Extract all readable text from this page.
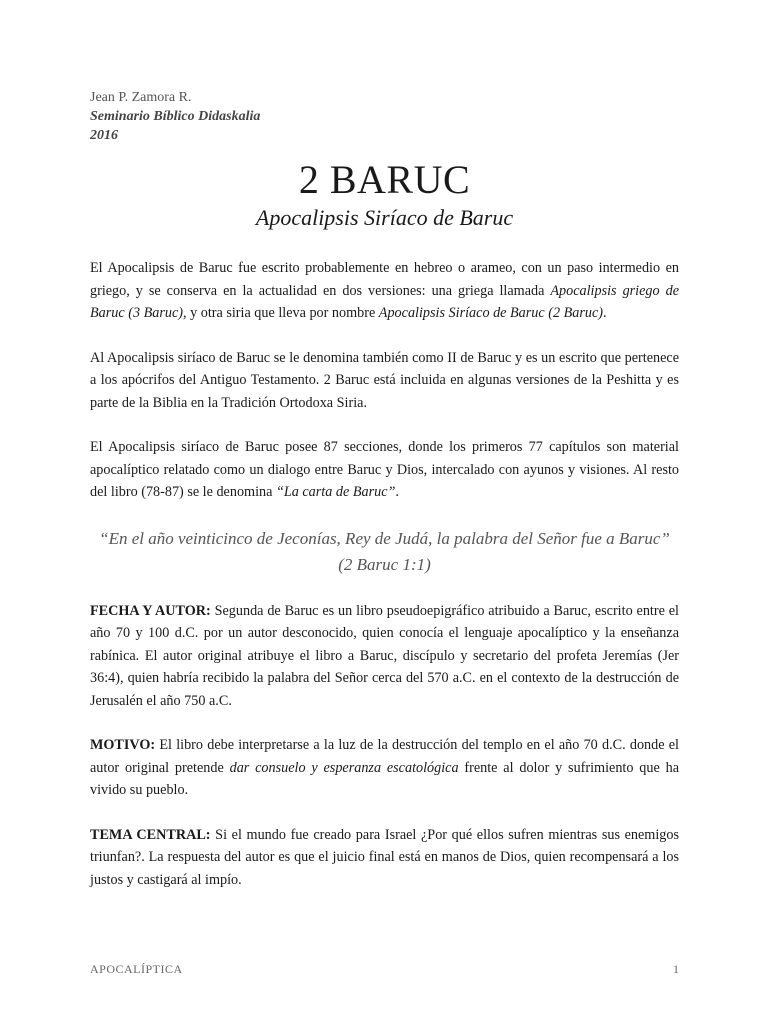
Jean P. Zamora R.
Seminario Bíblico Didaskalia
2016
2 BARUC
Apocalipsis Siríaco de Baruc

El Apocalipsis de Baruc fue escrito probablemente en hebreo o arameo, con un paso intermedio en griego, y se conserva en la actualidad en dos versiones: una griega llamada Apocalipsis griego de Baruc (3 Baruc), y otra siria que lleva por nombre Apocalipsis Siríaco de Baruc (2 Baruc).

Al Apocalipsis siríaco de Baruc se le denomina también como II de Baruc y es un escrito que pertenece a los apócrifos del Antiguo Testamento. 2 Baruc está incluida en algunas versiones de la Peshitta y es parte de la Biblia en la Tradición Ortodoxa Siria.

El Apocalipsis siríaco de Baruc posee 87 secciones, donde los primeros 77 capítulos son material apocalíptico relatado como un dialogo entre Baruc y Dios, intercalado con ayunos y visiones. Al resto del libro (78-87) se le denomina “La carta de Baruc”.

“En el año veinticinco de Jeconías, Rey de Judá, la palabra del Señor fue a Baruc” (2 Baruc 1:1)

FECHA Y AUTOR: Segunda de Baruc es un libro pseudoepigráfico atribuido a Baruc, escrito entre el año 70 y 100 d.C. por un autor desconocido, quien conocía el lenguaje apocalíptico y la enseñanza rabínica. El autor original atribuye el libro a Baruc, discípulo y secretario del profeta Jeremías (Jer 36:4), quien habría recibido la palabra del Señor cerca del 570 a.C. en el contexto de la destrucción de Jerusalén el año 750 a.C.

MOTIVO: El libro debe interpretarse a la luz de la destrucción del templo en el año 70 d.C. donde el autor original pretende dar consuelo y esperanza escatológica frente al dolor y sufrimiento que ha vivido su pueblo.

TEMA CENTRAL: Si el mundo fue creado para Israel ¿Por qué ellos sufren mientras sus enemigos triunfan?. La respuesta del autor es que el juicio final está en manos de Dios, quien recompensará a los justos y castigará al impío.

APOCALÍPTICA	1
